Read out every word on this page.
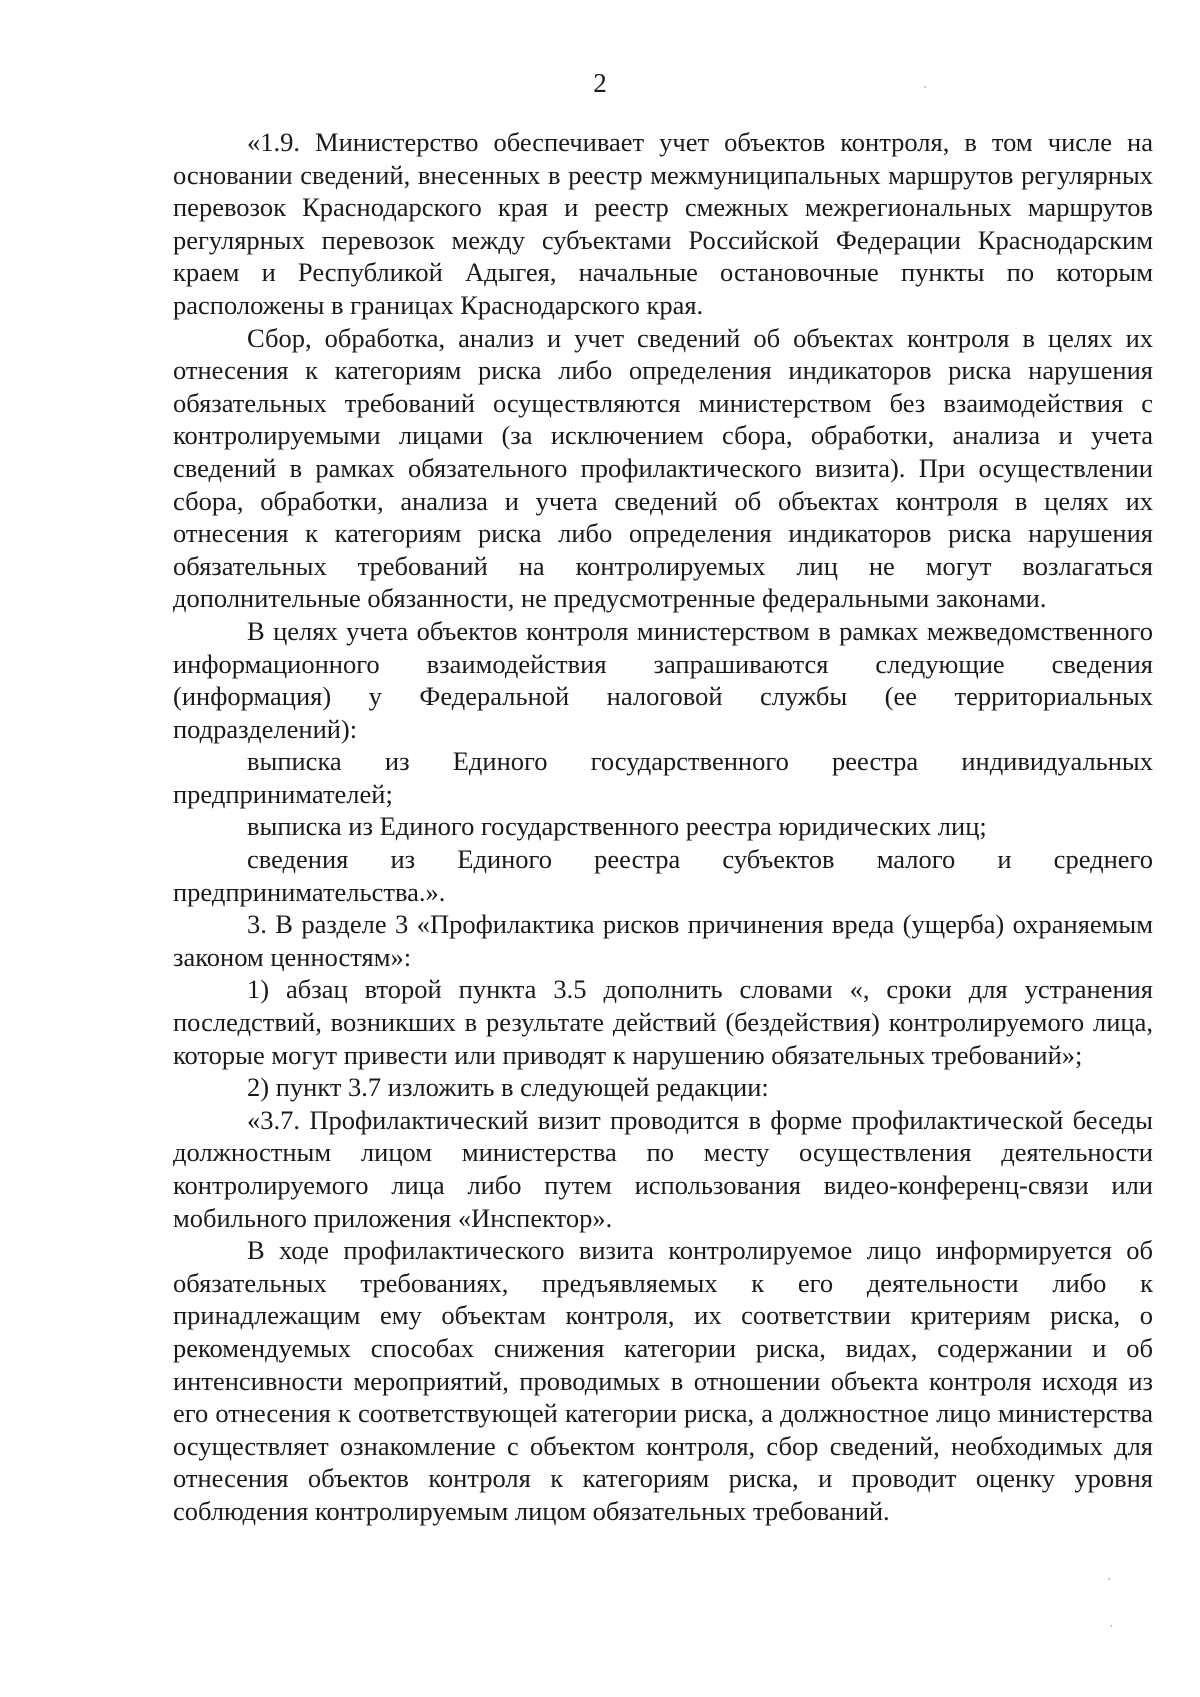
2

«1.9. Министерство обеспечивает учет объектов контроля, в том числе на основании сведений, внесенных в реестр межмуниципальных маршрутов регулярных перевозок Краснодарского края и реестр смежных межрегиональных маршрутов регулярных перевозок между субъектами Российской Федерации Краснодарским краем и Республикой Адыгея, начальные остановочные пункты по которым расположены в границах Краснодарского края.

Сбор, обработка, анализ и учет сведений об объектах контроля в целях их отнесения к категориям риска либо определения индикаторов риска нарушения обязательных требований осуществляются министерством без взаимодействия с контролируемыми лицами (за исключением сбора, обработки, анализа и учета сведений в рамках обязательного профилактического визита). При осуществлении сбора, обработки, анализа и учета сведений об объектах контроля в целях их отнесения к категориям риска либо определения индикаторов риска нарушения обязательных требований на контролируемых лиц не могут возлагаться дополнительные обязанности, не предусмотренные федеральными законами.

В целях учета объектов контроля министерством в рамках межведомственного информационного взаимодействия запрашиваются следующие сведения (информация) у Федеральной налоговой службы (ее территориальных подразделений):

выписка из Единого государственного реестра индивидуальных предпринимателей;

выписка из Единого государственного реестра юридических лиц;

сведения из Единого реестра субъектов малого и среднего предпринимательства.».

3. В разделе 3 «Профилактика рисков причинения вреда (ущерба) охраняемым законом ценностям»:

1) абзац второй пункта 3.5 дополнить словами «, сроки для устранения последствий, возникших в результате действий (бездействия) контролируемого лица, которые могут привести или приводят к нарушению обязательных требований»;

2) пункт 3.7 изложить в следующей редакции:

«3.7. Профилактический визит проводится в форме профилактической беседы должностным лицом министерства по месту осуществления деятельности контролируемого лица либо путем использования видео-конференц-связи или мобильного приложения «Инспектор».

В ходе профилактического визита контролируемое лицо информируется об обязательных требованиях, предъявляемых к его деятельности либо к принадлежащим ему объектам контроля, их соответствии критериям риска, о рекомендуемых способах снижения категории риска, видах, содержании и об интенсивности мероприятий, проводимых в отношении объекта контроля исходя из его отнесения к соответствующей категории риска, а должностное лицо министерства осуществляет ознакомление с объектом контроля, сбор сведений, необходимых для отнесения объектов контроля к категориям риска, и проводит оценку уровня соблюдения контролируемым лицом обязательных требований.
